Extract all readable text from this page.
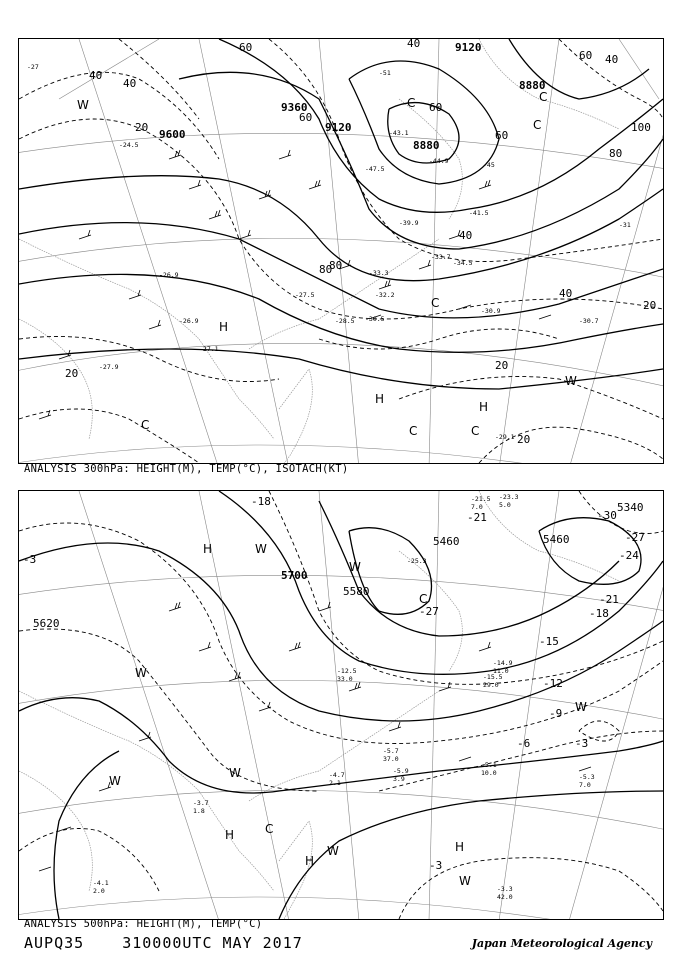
9600
9360
9120
9120
8880
8880
40
40
60
60
80
80
100
60
40
40
40
20
20
20
20
20
40
80
60
60
-30.5
-30.9
-30.7
-33.3
-34.5
-33.7
-32.2
-28.5
-27.5
-27.9
-29.1
-24.5
-26.9
-41.5
-39.9
-43.1
-44.9
-47.5	-45
-51
-31
-27
-26.9
-27.1
H
H
H
C
C	C
W
W
C
C
C
C
ANALYSIS 300hPa: HEIGHT(M), TEMP(°C), ISOTACH(KT)
5700
5580
5620
5460
5340
5460
-30
-27
-24
-21
-18
-15
-12
-9
-6	-3
-3
-3
-21
-18
-25.3
-27
-5.3
7.0
-5.1
10.0
-5.9
3.9
-5.7
37.0
-3.3
42.0
-4.7
2.1
-3.7
1.8
-4.1
2.0
-14.9
11.0
-15.5
29.0
-21.5
7.0
-23.3
5.0
-12.5
33.0
H
H
H
H
W
W
W
W
C
C
W
W
W
W
ANALYSIS 500hPa: HEIGHT(M), TEMP(°C)
AUPQ35	310000UTC MAY 2017	Japan Meteorological Agency
